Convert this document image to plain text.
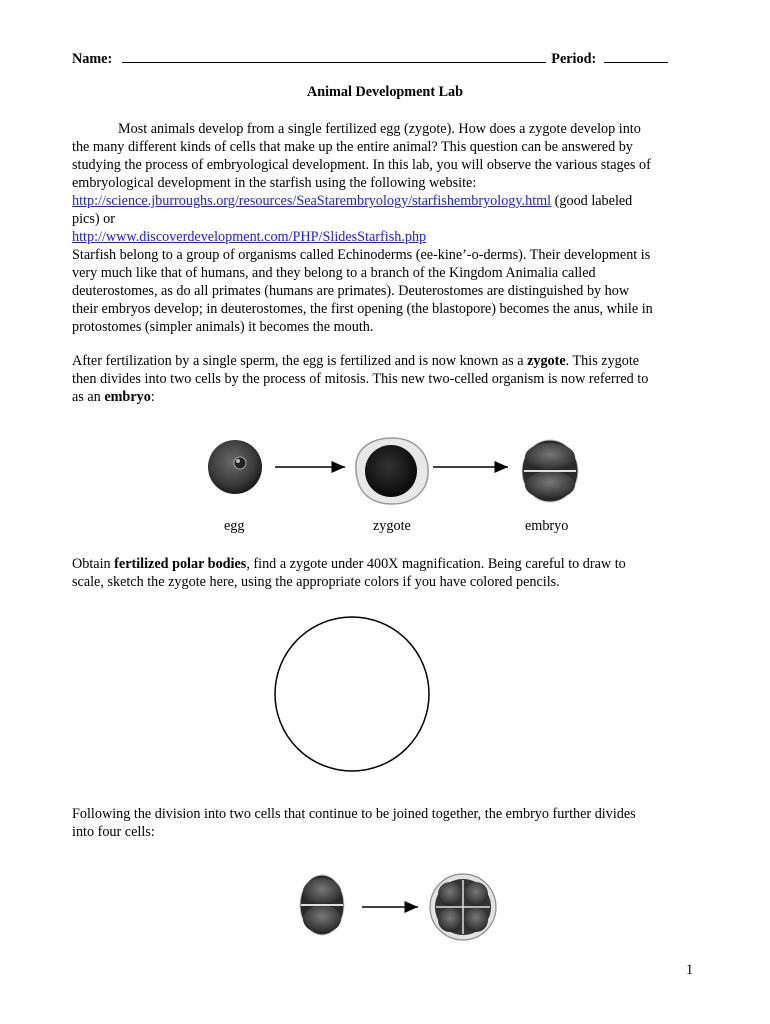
Name:	Period:
Animal Development Lab
Most animals develop from a single fertilized egg (zygote). How does a zygote develop into
the many different kinds of cells that make up the entire animal? This question can be answered by
studying the process of embryological development. In this lab, you will observe the various stages of
embryological development in the starfish using the following website:
http://science.jburroughs.org/resources/SeaStarembryology/starfishembryology.html (good labeled
pics) or
http://www.discoverdevelopment.com/PHP/SlidesStarfish.php
Starfish belong to a group of organisms called Echinoderms (ee-kine’-o-derms). Their development is
very much like that of humans, and they belong to a branch of the Kingdom Animalia called
deuterostomes, as do all primates (humans are primates). Deuterostomes are distinguished by how
their embryos develop; in deuterostomes, the first opening (the blastopore) becomes the anus, while in
protostomes (simpler animals) it becomes the mouth.
After fertilization by a single sperm, the egg is fertilized and is now known as a zygote. This zygote
then divides into two cells by the process of mitosis. This new two-celled organism is now referred to
as an embryo:
egg	zygote	embryo
Obtain fertilized polar bodies, find a zygote under 400X magnification. Being careful to draw to
scale, sketch the zygote here, using the appropriate colors if you have colored pencils.
Following the division into two cells that continue to be joined together, the embryo further divides
into four cells:
1
